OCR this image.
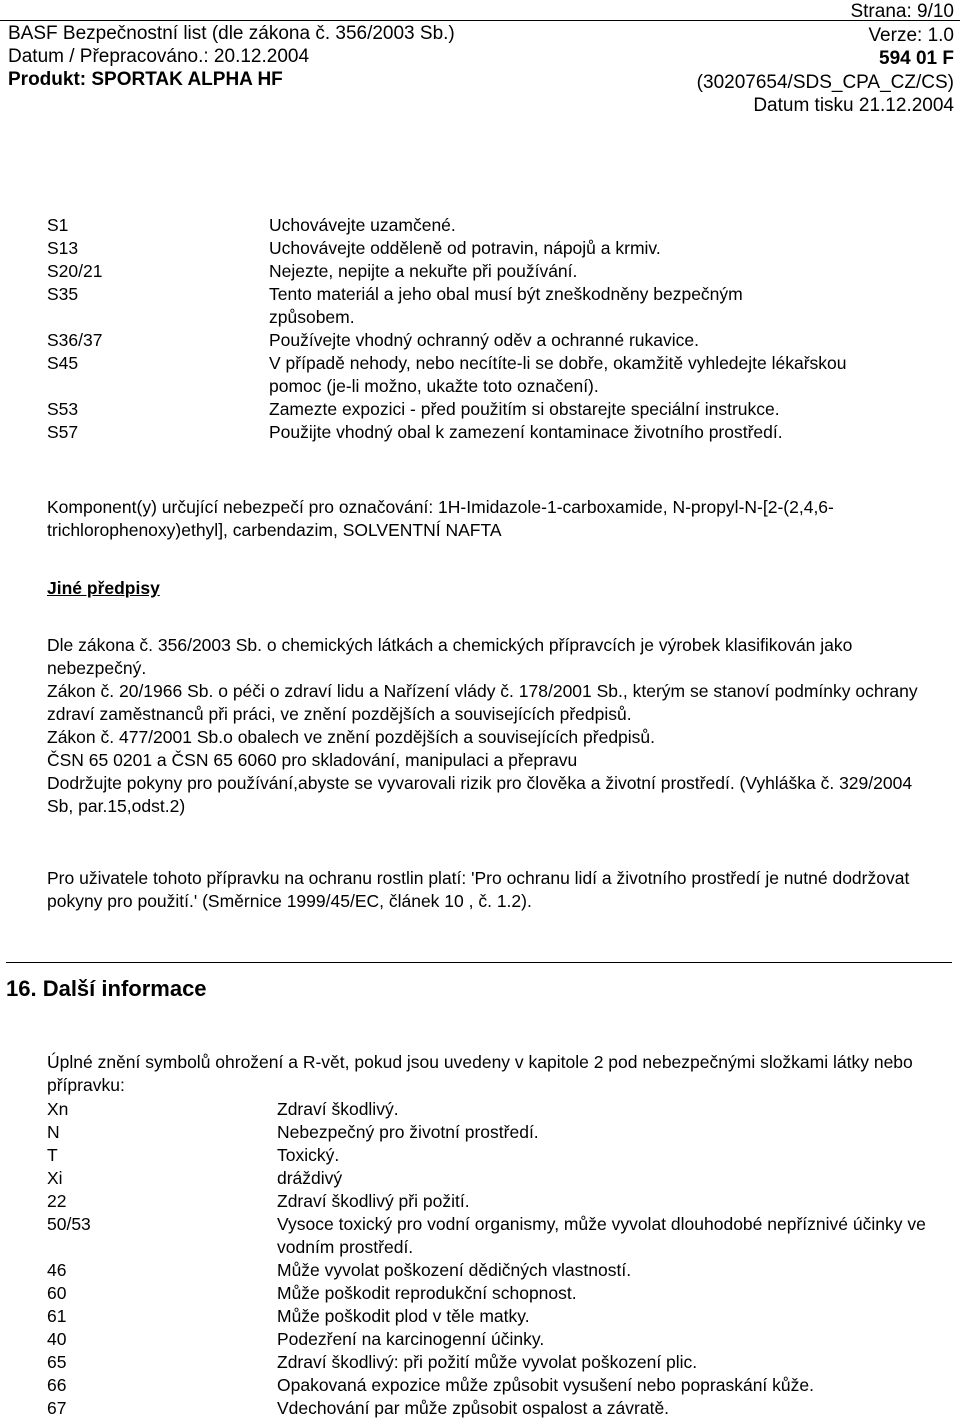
BASF Bezpečnostní list (dle zákona č. 356/2003 Sb.)
Datum / Přepracováno.: 20.12.2004
Produkt: SPORTAK ALPHA HF
Strana: 9/10
Verze: 1.0
594 01 F
(30207654/SDS_CPA_CZ/CS)
Datum tisku 21.12.2004
S1	Uchovávejte uzamčené.
S13	Uchovávejte odděleně od potravin, nápojů a krmiv.
S20/21	Nejezte, nepijte a nekuřte při používání.
S35	Tento materiál a jeho obal musí být zneškodněny bezpečným způsobem.
S36/37	Používejte vhodný ochranný oděv a ochranné rukavice.
S45	V případě nehody, nebo necítíte-li se dobře, okamžitě vyhledejte lékařskou pomoc (je-li možno, ukažte toto označení).
S53	Zamezte expozici - před použitím si obstarejte speciální instrukce.
S57	Použijte vhodný obal k zamezení kontaminace životního prostředí.
Komponent(y) určující nebezpečí pro označování: 1H-Imidazole-1-carboxamide, N-propyl-N-[2-(2,4,6-trichlorophenoxy)ethyl], carbendazim, SOLVENTNÍ NAFTA
Jiné předpisy
Dle zákona č. 356/2003 Sb. o chemických látkách a chemických přípravcích je výrobek klasifikován jako nebezpečný.
Zákon č. 20/1966 Sb. o péči o zdraví lidu a Nařízení vlády č. 178/2001 Sb., kterým se stanoví podmínky ochrany zdraví zaměstnanců při práci, ve znění pozdějších a souvisejících předpisů.
Zákon č. 477/2001 Sb.o obalech ve znění pozdějších a souvisejících předpisů.
ČSN 65 0201 a ČSN 65 6060 pro skladování, manipulaci a přepravu
Dodržujte pokyny pro používání,abyste se vyvarovali rizik pro člověka a životní prostředí. (Vyhláška č. 329/2004 Sb, par.15,odst.2)
Pro uživatele tohoto přípravku na ochranu rostlin platí: 'Pro ochranu lidí a životního prostředí je nutné dodržovat pokyny pro použití.' (Směrnice 1999/45/EC, článek 10 , č. 1.2).
16. Další informace
Úplné znění symbolů ohrožení a R-vět, pokud jsou uvedeny v kapitole 2 pod nebezpečnými složkami látky nebo přípravku:
Xn	Zdraví škodlivý.
N	Nebezpečný pro životní prostředí.
T	Toxický.
Xi	dráždivý
22	Zdraví škodlivý při požití.
50/53	Vysoce toxický pro vodní organismy, může vyvolat dlouhodobé nepříznivé účinky ve vodním prostředí.
46	Může vyvolat poškození dědičných vlastností.
60	Může poškodit reprodukční schopnost.
61	Může poškodit plod v těle matky.
40	Podezření na karcinogenní účinky.
65	Zdraví škodlivý: při požití může vyvolat poškození plic.
66	Opakovaná expozice může způsobit vysušení nebo popraskání kůže.
67	Vdechování par může způsobit ospalost a závratě.
